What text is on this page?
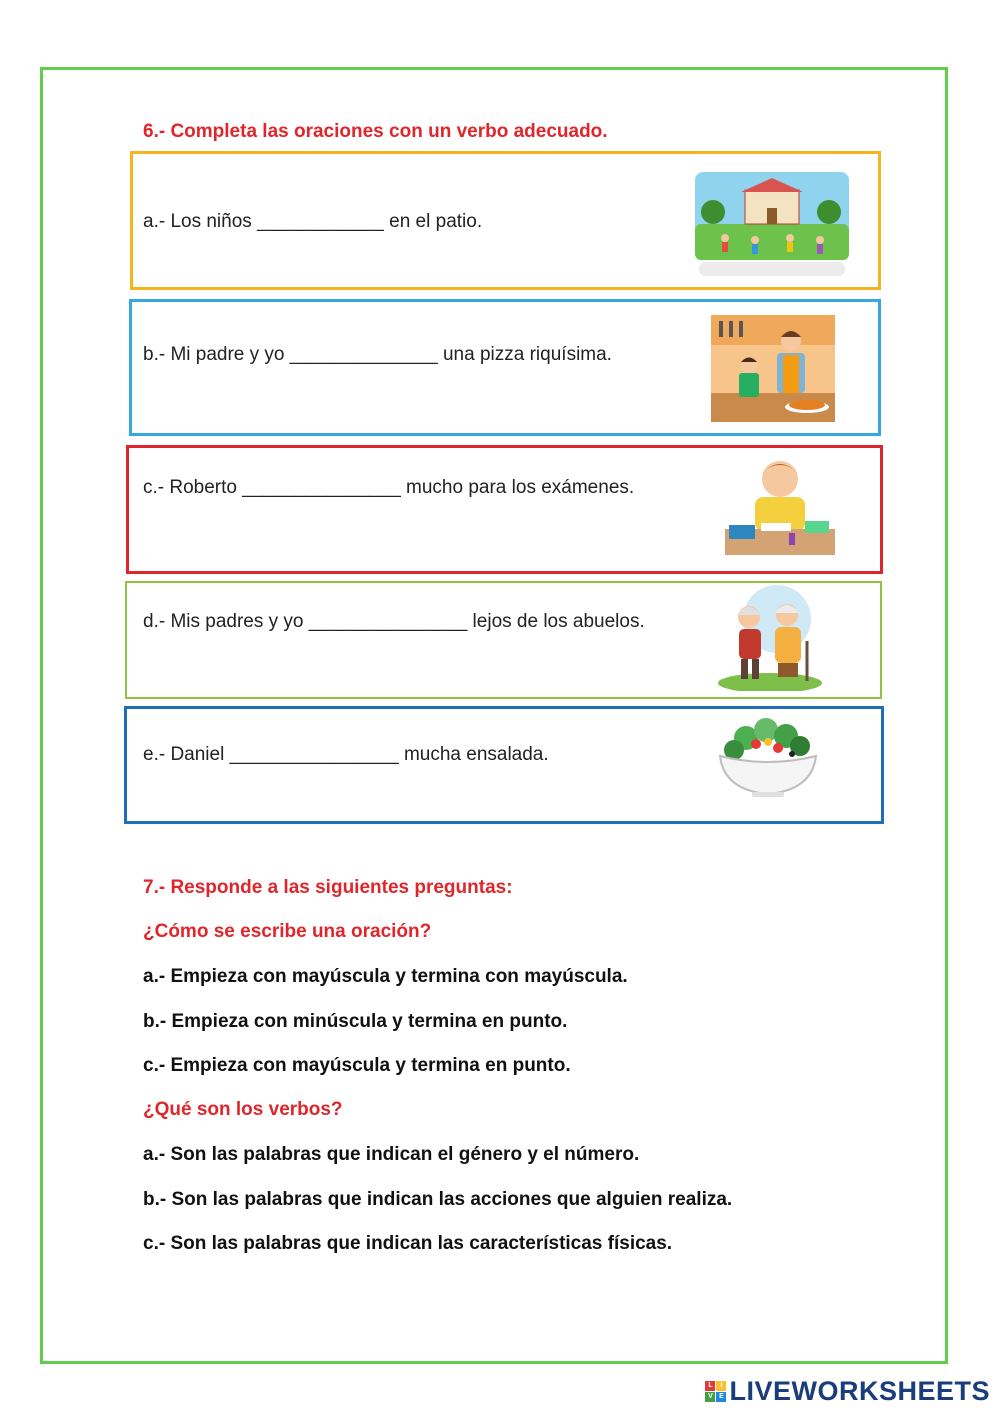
6.- Completa las oraciones con un verbo adecuado.
a.- Los niños ____________ en el patio.
b.- Mi padre y yo ______________ una pizza riquísima.
c.- Roberto _______________ mucho para los exámenes.
d.- Mis padres y yo _______________ lejos de los abuelos.
e.- Daniel ________________ mucha ensalada.
7.- Responde a las siguientes preguntas:
¿Cómo se escribe una oración?
a.- Empieza con mayúscula y termina con mayúscula.
b.- Empieza con minúscula y termina en punto.
c.- Empieza con mayúscula y termina en punto.
¿Qué son los verbos?
a.- Son las palabras que indican el género y el número.
b.- Son las palabras que indican las acciones que alguien realiza.
c.- Son las palabras que indican las características físicas.
L	I
V E LIVEWORKSHEETS
